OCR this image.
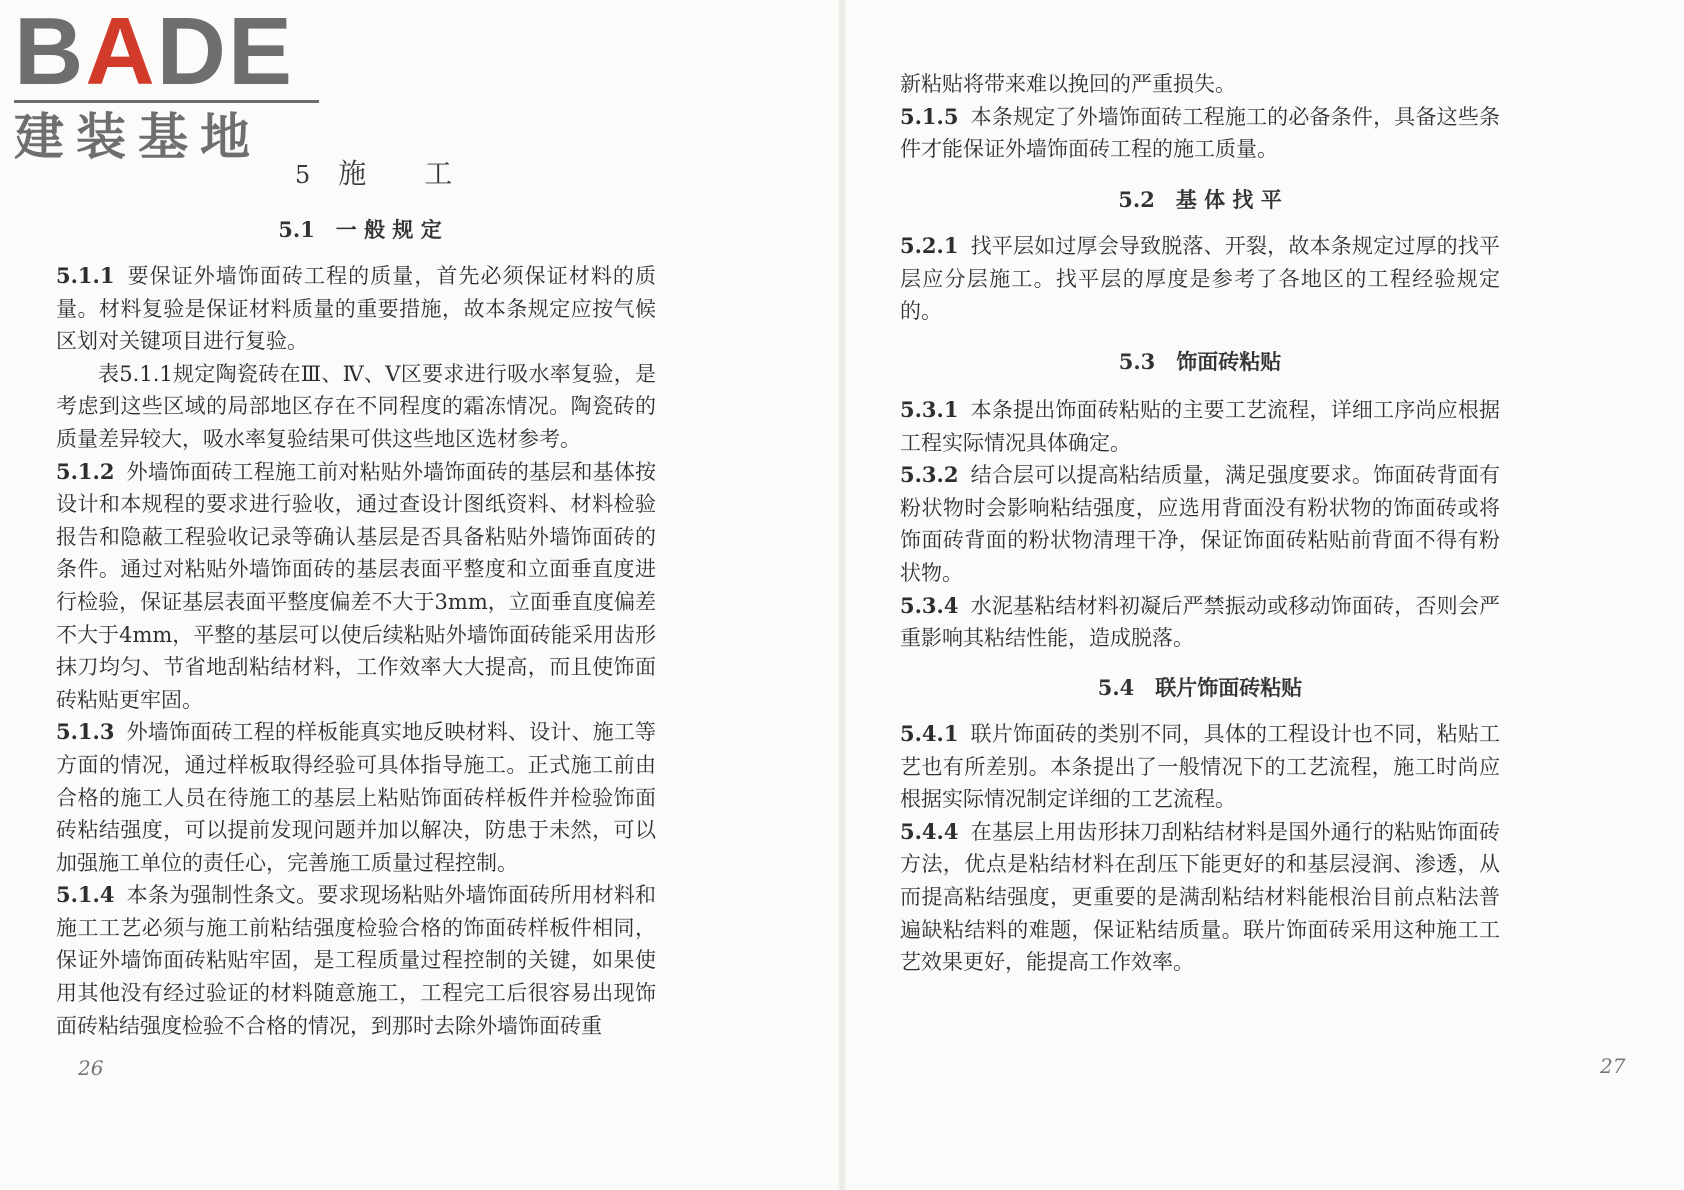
BADE
建装基地
5 施 工
5.1　一 般 规 定

5.1.1 要保证外墙饰面砖工程的质量，首先必须保证材料的质量。材料复验是保证材料质量的重要措施，故本条规定应按气候区划对关键项目进行复验。

表5.1.1规定陶瓷砖在Ⅲ、Ⅳ、Ⅴ区要求进行吸水率复验，是考虑到这些区域的局部地区存在不同程度的霜冻情况。陶瓷砖的质量差异较大，吸水率复验结果可供这些地区选材参考。

5.1.2 外墙饰面砖工程施工前对粘贴外墙饰面砖的基层和基体按设计和本规程的要求进行验收，通过查设计图纸资料、材料检验报告和隐蔽工程验收记录等确认基层是否具备粘贴外墙饰面砖的条件。通过对粘贴外墙饰面砖的基层表面平整度和立面垂直度进行检验，保证基层表面平整度偏差不大于3mm，立面垂直度偏差不大于4mm，平整的基层可以使后续粘贴外墙饰面砖能采用齿形抹刀均匀、节省地刮粘结材料，工作效率大大提高，而且使饰面砖粘贴更牢固。

5.1.3 外墙饰面砖工程的样板能真实地反映材料、设计、施工等方面的情况，通过样板取得经验可具体指导施工。正式施工前由合格的施工人员在待施工的基层上粘贴饰面砖样板件并检验饰面砖粘结强度，可以提前发现问题并加以解决，防患于未然，可以加强施工单位的责任心，完善施工质量过程控制。

5.1.4 本条为强制性条文。要求现场粘贴外墙饰面砖所用材料和施工工艺必须与施工前粘结强度检验合格的饰面砖样板件相同，保证外墙饰面砖粘贴牢固，是工程质量过程控制的关键，如果使用其他没有经过验证的材料随意施工，工程完工后很容易出现饰面砖粘结强度检验不合格的情况，到那时去除外墙饰面砖重

26

新粘贴将带来难以挽回的严重损失。

5.1.5 本条规定了外墙饰面砖工程施工的必备条件，具备这些条件才能保证外墙饰面砖工程的施工质量。

5.2　基 体 找 平

5.2.1 找平层如过厚会导致脱落、开裂，故本条规定过厚的找平层应分层施工。找平层的厚度是参考了各地区的工程经验规定的。

5.3　饰面砖粘贴

5.3.1 本条提出饰面砖粘贴的主要工艺流程，详细工序尚应根据工程实际情况具体确定。

5.3.2 结合层可以提高粘结质量，满足强度要求。饰面砖背面有粉状物时会影响粘结强度，应选用背面没有粉状物的饰面砖或将饰面砖背面的粉状物清理干净，保证饰面砖粘贴前背面不得有粉状物。

5.3.4 水泥基粘结材料初凝后严禁振动或移动饰面砖，否则会严重影响其粘结性能，造成脱落。

5.4　联片饰面砖粘贴

5.4.1 联片饰面砖的类别不同，具体的工程设计也不同，粘贴工艺也有所差别。本条提出了一般情况下的工艺流程，施工时尚应根据实际情况制定详细的工艺流程。

5.4.4 在基层上用齿形抹刀刮粘结材料是国外通行的粘贴饰面砖方法，优点是粘结材料在刮压下能更好的和基层浸润、渗透，从而提高粘结强度，更重要的是满刮粘结材料能根治目前点粘法普遍缺粘结料的难题，保证粘结质量。联片饰面砖采用这种施工工艺效果更好，能提高工作效率。

27
